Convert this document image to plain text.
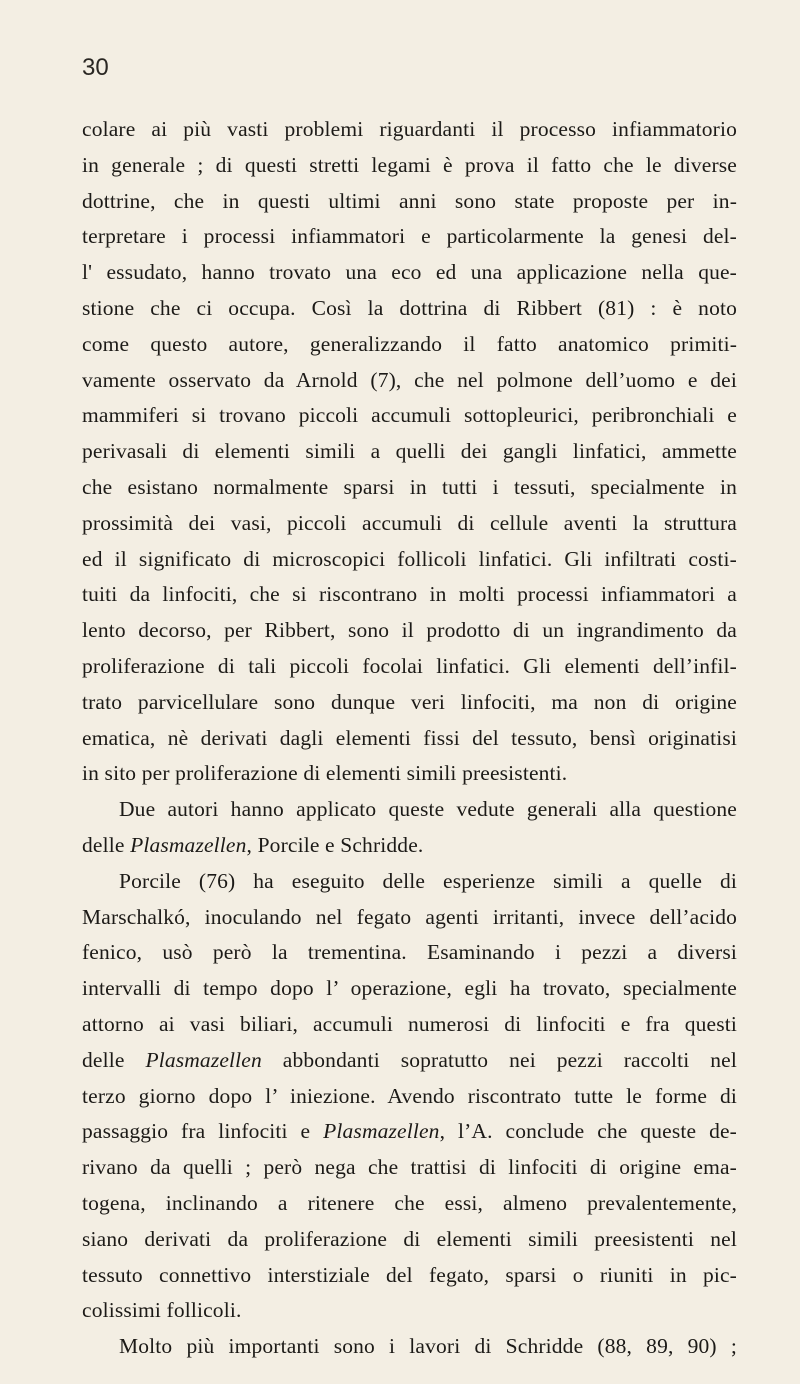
30
colare ai più vasti problemi riguardanti il processo infiammatorio
in generale ; di questi stretti legami è prova il fatto che le diverse
dottrine, che in questi ultimi anni sono state proposte per in-
terpretare i processi infiammatori e particolarmente la genesi del-
l' essudato, hanno trovato una eco ed una applicazione nella que-
stione che ci occupa. Così la dottrina di Ribbert (81) : è noto
come questo autore, generalizzando il fatto anatomico primiti-
vamente osservato da Arnold (7), che nel polmone dell’uomo e dei
mammiferi si trovano piccoli accumuli sottopleurici, peribronchiali e
perivasali di elementi simili a quelli dei gangli linfatici, ammette
che esistano normalmente sparsi in tutti i tessuti, specialmente in
prossimità dei vasi, piccoli accumuli di cellule aventi la struttura
ed il significato di microscopici follicoli linfatici. Gli infiltrati costi-
tuiti da linfociti, che si riscontrano in molti processi infiammatori a
lento decorso, per Ribbert, sono il prodotto di un ingrandimento da
proliferazione di tali piccoli focolai linfatici. Gli elementi dell’infil-
trato parvicellulare sono dunque veri linfociti, ma non di origine
ematica, nè derivati dagli elementi fissi del tessuto, bensì originatisi
in sito per proliferazione di elementi simili preesistenti.
Due autori hanno applicato queste vedute generali alla questione
delle Plasmazellen, Porcile e Schridde.
Porcile (76) ha eseguito delle esperienze simili a quelle di
Marschalkó, inoculando nel fegato agenti irritanti, invece dell’acido
fenico, usò però la trementina. Esaminando i pezzi a diversi
intervalli di tempo dopo l’ operazione, egli ha trovato, specialmente
attorno ai vasi biliari, accumuli numerosi di linfociti e fra questi
delle Plasmazellen abbondanti sopratutto nei pezzi raccolti nel
terzo giorno dopo l’ iniezione. Avendo riscontrato tutte le forme di
passaggio fra linfociti e Plasmazellen, l’A. conclude che queste de-
rivano da quelli ; però nega che trattisi di linfociti di origine ema-
togena, inclinando a ritenere che essi, almeno prevalentemente,
siano derivati da proliferazione di elementi simili preesistenti nel
tessuto connettivo interstiziale del fegato, sparsi o riuniti in pic-
colissimi follicoli.
Molto più importanti sono i lavori di Schridde (88, 89, 90) ;
